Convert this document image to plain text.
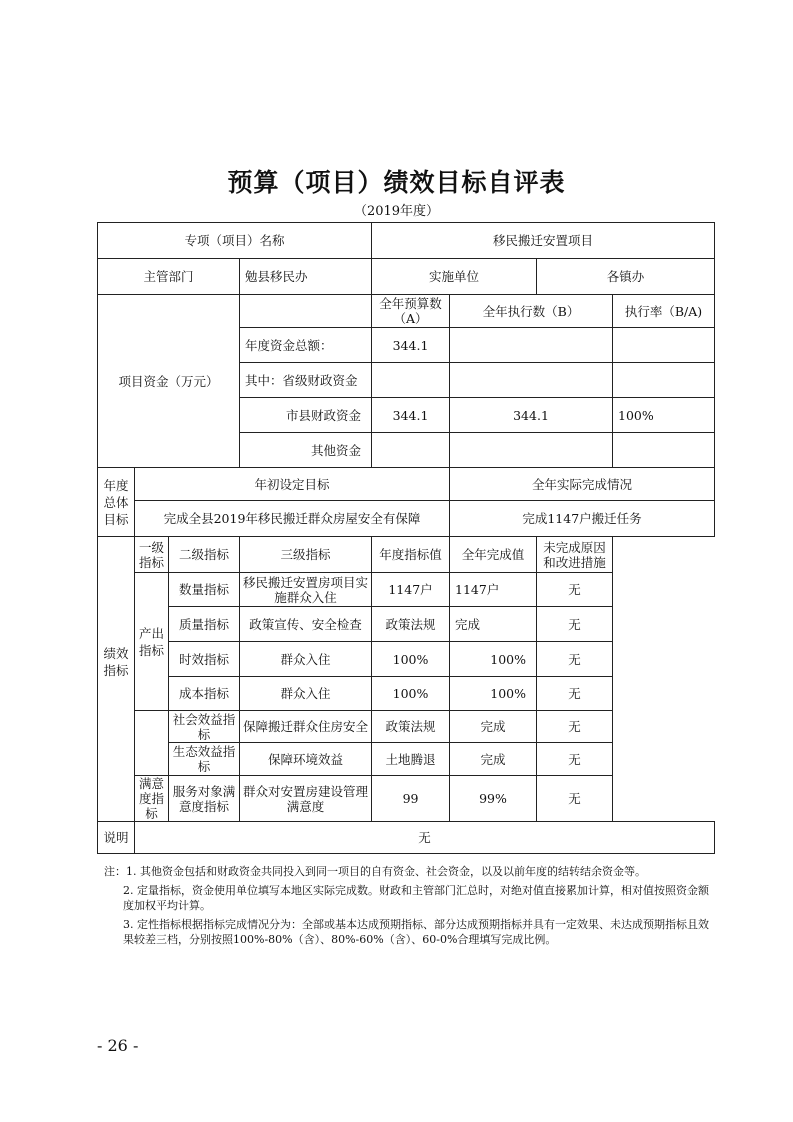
预算（项目）绩效目标自评表
（2019年度）
专项（项目）名称				移民搬迁安置项目			
主管部门			勉县移民办	实施单位		各镇办	
项目资金（万元）				全年预算数（A）	全年执行数（B）		执行率（B/A)
			年度资金总额：	344.1			
			其中：省级财政资金				
			市县财政资金	344.1	344.1		100%
			其他资金				
年度总体目标	年初设定目标				全年实际完成情况		
	完成全县2019年移民搬迁群众房屋安全有保障				完成1147户搬迁任务		
绩效指标	一级指标	二级指标	三级指标	年度指标值	全年完成值	未完成原因和改进措施	
	产出指标	数量指标	移民搬迁安置房项目实施群众入住	1147户	1147户	无	
		质量指标	政策宣传、安全检查	政策法规	完成	无	
		时效指标	群众入住	100%	100%	无	
		成本指标	群众入住	100%	100%	无	
		社会效益指标	保障搬迁群众住房安全	政策法规	完成	无	
		生态效益指标	保障环境效益	土地腾退	完成	无	
	满意度指标	服务对象满意度指标	群众对安置房建设管理满意度	99	99%	无	
说明	无						

注：1. 其他资金包括和财政资金共同投入到同一项目的自有资金、社会资金，以及以前年度的结转结余资金等。

2. 定量指标，资金使用单位填写本地区实际完成数。财政和主管部门汇总时，对绝对值直接累加计算，相对值按照资金额度加权平均计算。

3. 定性指标根据指标完成情况分为：全部或基本达成预期指标、部分达成预期指标并具有一定效果、未达成预期指标且效果较差三档，分别按照100%-80%（含）、80%-60%（含）、60-0%合理填写完成比例。

- 26 -
